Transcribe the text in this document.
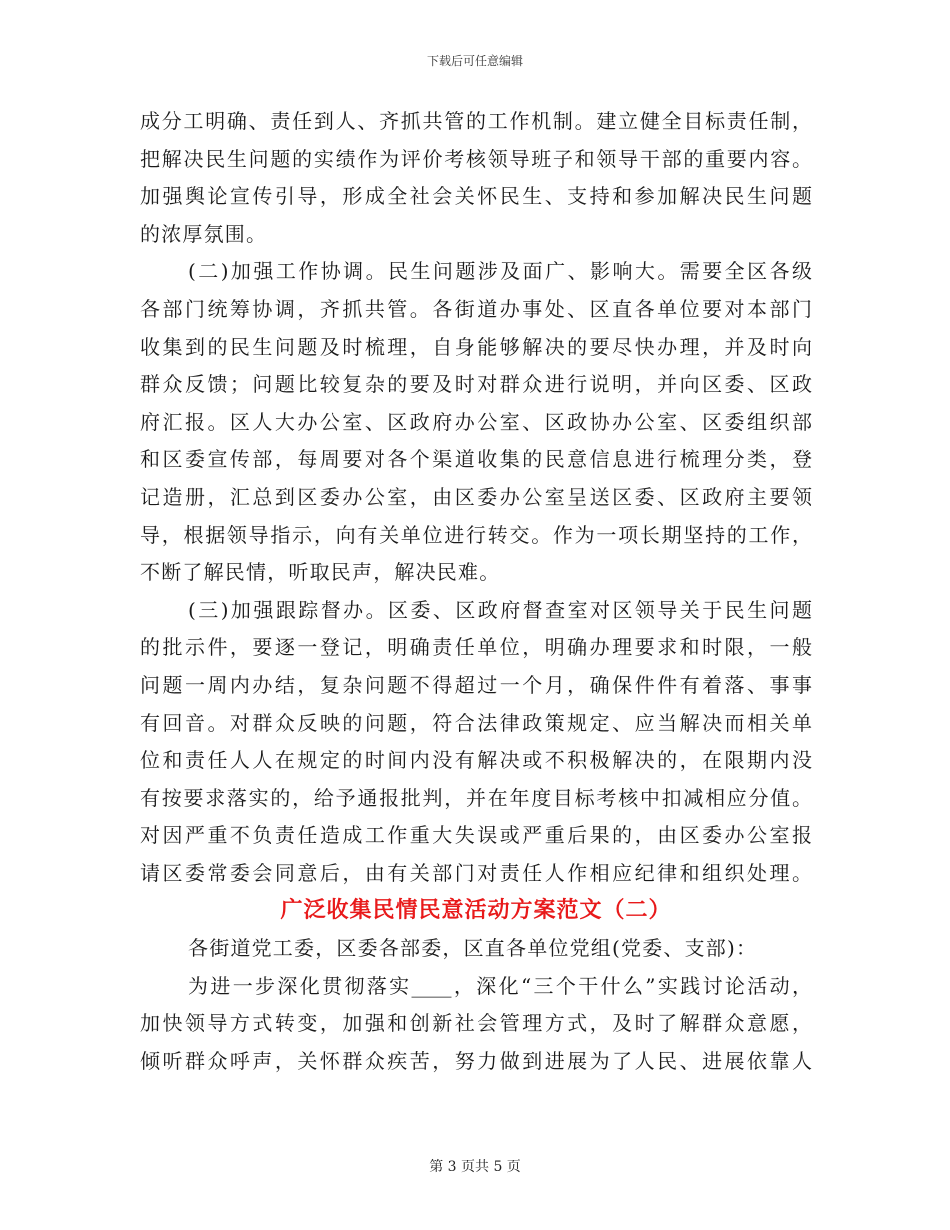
下载后可任意编辑
成分工明确、责任到人、齐抓共管的工作机制。建立健全目标责任制，
把解决民生问题的实绩作为评价考核领导班子和领导干部的重要内容。
加强舆论宣传引导，形成全社会关怀民生、支持和参加解决民生问题
的浓厚氛围。
(二)加强工作协调。民生问题涉及面广、影响大。需要全区各级
各部门统筹协调，齐抓共管。各街道办事处、区直各单位要对本部门
收集到的民生问题及时梳理，自身能够解决的要尽快办理，并及时向
群众反馈；问题比较复杂的要及时对群众进行说明，并向区委、区政
府汇报。区人大办公室、区政府办公室、区政协办公室、区委组织部
和区委宣传部，每周要对各个渠道收集的民意信息进行梳理分类，登
记造册，汇总到区委办公室，由区委办公室呈送区委、区政府主要领
导，根据领导指示，向有关单位进行转交。作为一项长期坚持的工作，
不断了解民情，听取民声，解决民难。
(三)加强跟踪督办。区委、区政府督查室对区领导关于民生问题
的批示件，要逐一登记，明确责任单位，明确办理要求和时限，一般
问题一周内办结，复杂问题不得超过一个月，确保件件有着落、事事
有回音。对群众反映的问题，符合法律政策规定、应当解决而相关单
位和责任人人在规定的时间内没有解决或不积极解决的，在限期内没
有按要求落实的，给予通报批判，并在年度目标考核中扣减相应分值。
对因严重不负责任造成工作重大失误或严重后果的，由区委办公室报
请区委常委会同意后，由有关部门对责任人作相应纪律和组织处理。
广泛收集民情民意活动方案范文（二）
各街道党工委，区委各部委，区直各单位党组(党委、支部)：
为进一步深化贯彻落实____，深化“三个干什么”实践讨论活动，
加快领导方式转变，加强和创新社会管理方式，及时了解群众意愿，
倾听群众呼声，关怀群众疾苦，努力做到进展为了人民、进展依靠人
第 3 页共 5 页
